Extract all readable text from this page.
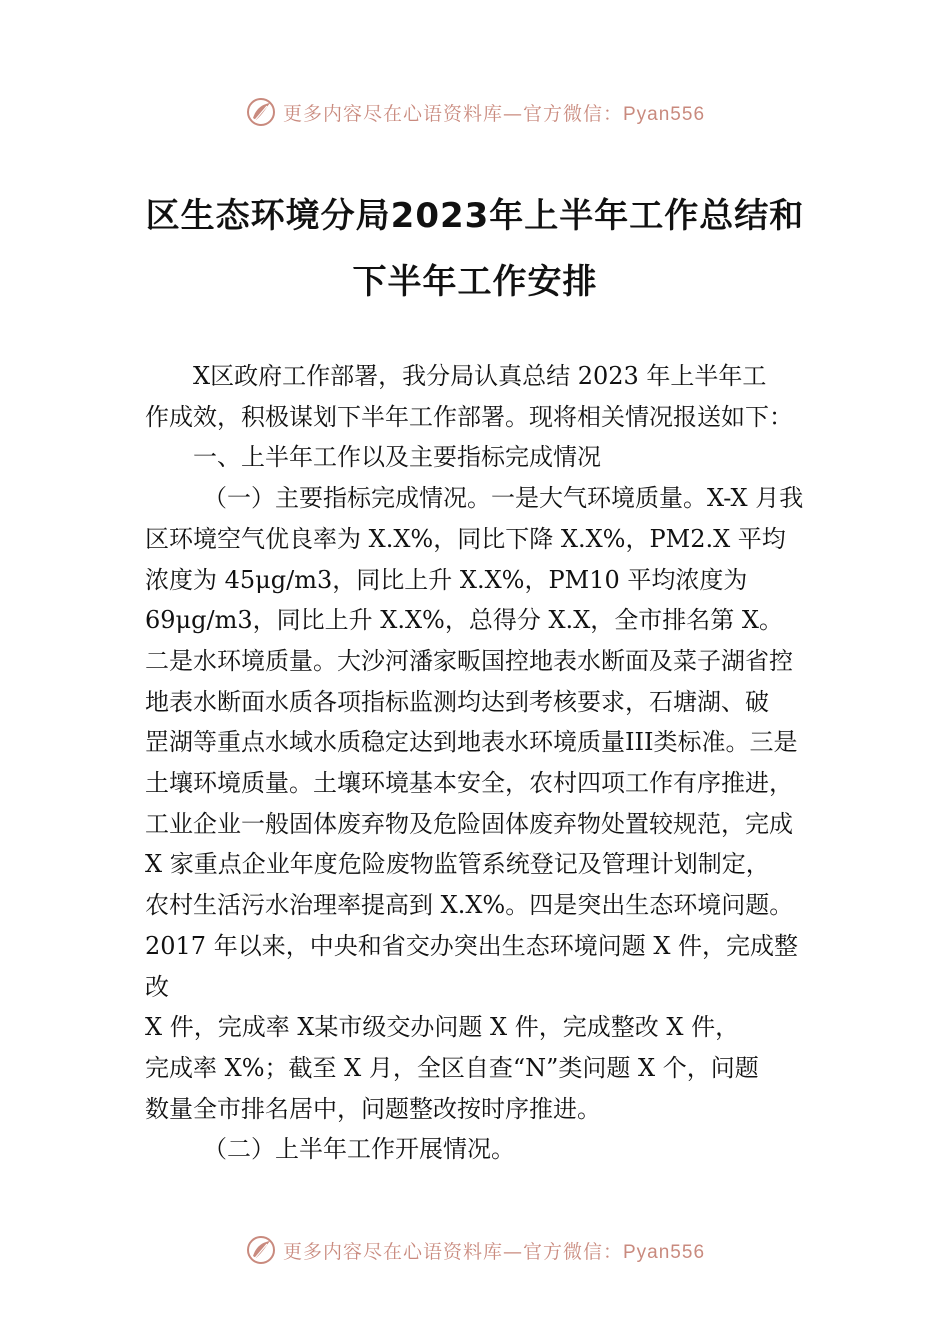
更多内容尽在心语资料库—官方微信：Pyan556
区生态环境分局2023年上半年工作总结和
下半年工作安排

X区政府工作部署，我分局认真总结 2023 年上半年工

作成效，积极谋划下半年工作部署。现将相关情况报送如下：

一、上半年工作以及主要指标完成情况

（一）主要指标完成情况。一是大气环境质量。X-X 月我

区环境空气优良率为 X.X%，同比下降 X.X%，PM2.X 平均

浓度为 45μg/m3，同比上升 X.X%，PM10 平均浓度为

69μg/m3，同比上升 X.X%，总得分 X.X，全市排名第 X。

二是水环境质量。大沙河潘家畈国控地表水断面及菜子湖省控

地表水断面水质各项指标监测均达到考核要求，石塘湖、破

罡湖等重点水域水质稳定达到地表水环境质量III类标准。三是

土壤环境质量。土壤环境基本安全，农村四项工作有序推进，

工业企业一般固体废弃物及危险固体废弃物处置较规范，完成

X 家重点企业年度危险废物监管系统登记及管理计划制定，

农村生活污水治理率提高到 X.X%。四是突出生态环境问题。

2017 年以来，中央和省交办突出生态环境问题 X 件，完成整

改

X 件，完成率 X某市级交办问题 X 件，完成整改 X 件，

完成率 X%；截至 X 月，全区自查“N”类问题 X 个，问题

数量全市排名居中，问题整改按时序推进。

（二）上半年工作开展情况。

更多内容尽在心语资料库—官方微信：Pyan556
